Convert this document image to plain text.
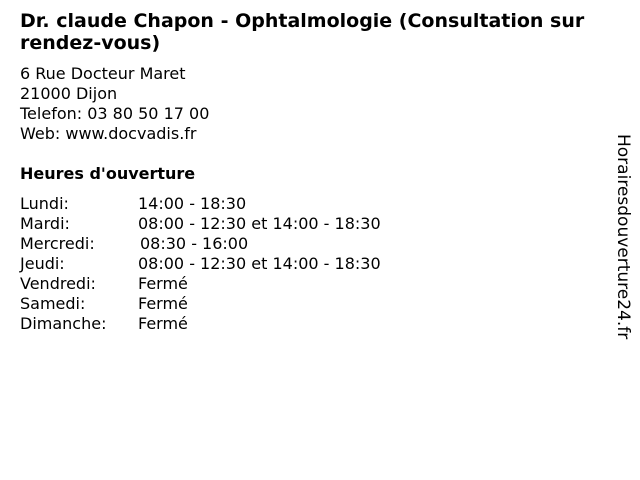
Dr. claude Chapon - Ophtalmologie (Consultation sur rendez-vous)
6 Rue Docteur Maret
21000 Dijon
Telefon: 03 80 50 17 00
Web: www.docvadis.fr
Heures d'ouverture
Lundi:	14:00 - 18:30
Mardi:	08:00 - 12:30 et 14:00 - 18:30
Mercredi:	08:30 - 16:00
Jeudi:	08:00 - 12:30 et 14:00 - 18:30
Vendredi:	Fermé
Samedi:	Fermé
Dimanche:	Fermé	Horairesdouverture24.fr
